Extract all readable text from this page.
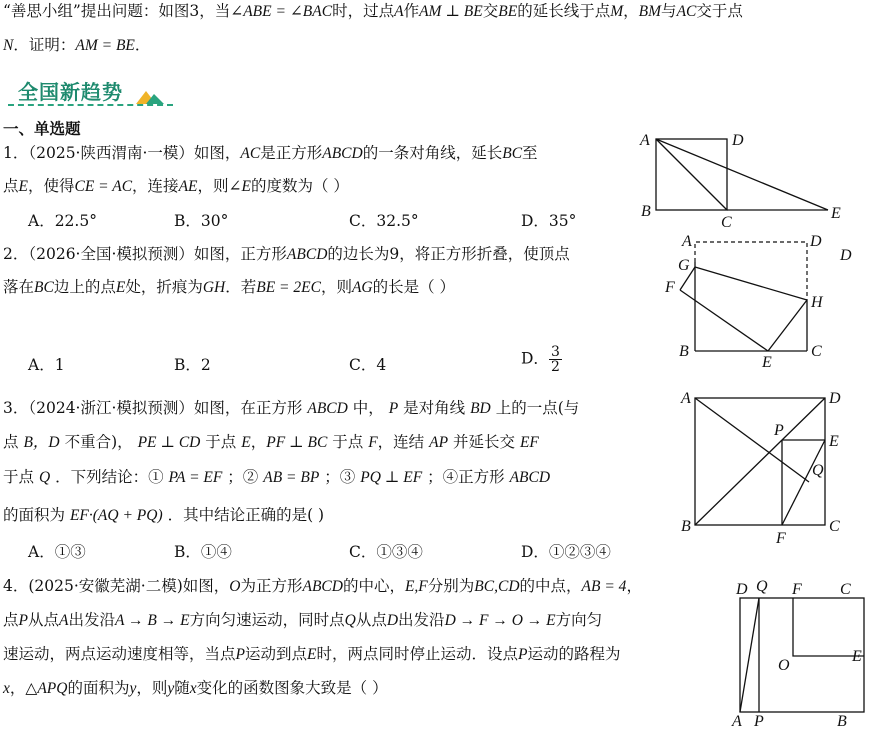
“善思小组”提出问题：如图3，当∠ABE = ∠BAC时，过点A作AM ⊥ BE交BE的延长线于点M，BM与AC交于点
N．证明：AM = BE．
全国新趋势
一、单选题
1．（2025·陕西渭南·一模）如图，AC是正方形ABCD的一条对角线，延长BC至
点E，使得CE = AC，连接AE，则∠E的度数为（ ）
A．22.5°	B．30°	C．32.5°	D．35°
A	D
B
C
E
2．（2026·全国·模拟预测）如图，正方形ABCD的边长为9，将正方形折叠，使顶点
落在BC边上的点E处，折痕为GH．若BE = 2EC，则AG的长是（ ）
A．1	B．2	C．4	D． $\frac{3}{2}$
A	D
D
G
F
H
B
E
C
3．（2024·浙江·模拟预测）如图，在正方形 ABCD 中， P 是对角线 BD 上的一点(与
点 B，D 不重合)， PE ⊥ CD 于点 E，PF ⊥ BC 于点 F，连结 AP 并延长交 EF
于点 Q ．下列结论：① PA = EF ；② AB = BP ；③ PQ ⊥ EF ；④正方形 ABCD
的面积为 EF·(AQ + PQ) ．其中结论正确的是( )
A．①③	B．①④	C．①③④	D．①②③④
A	D
P
E
Q
B
F
C
4．(2025·安徽芜湖·二模)如图，O为正方形ABCD的中心，E,F分别为BC,CD的中点，AB = 4，
点P从点A出发沿A → B → E方向匀速运动，同时点Q从点D出发沿D → F → O → E方向匀
速运动，两点运动速度相等，当点P运动到点E时，两点同时停止运动．设点P运动的路程为
x，△APQ的面积为y，则y随x变化的函数图象大致是（ ）
D Q F C
O
E
A P	B
